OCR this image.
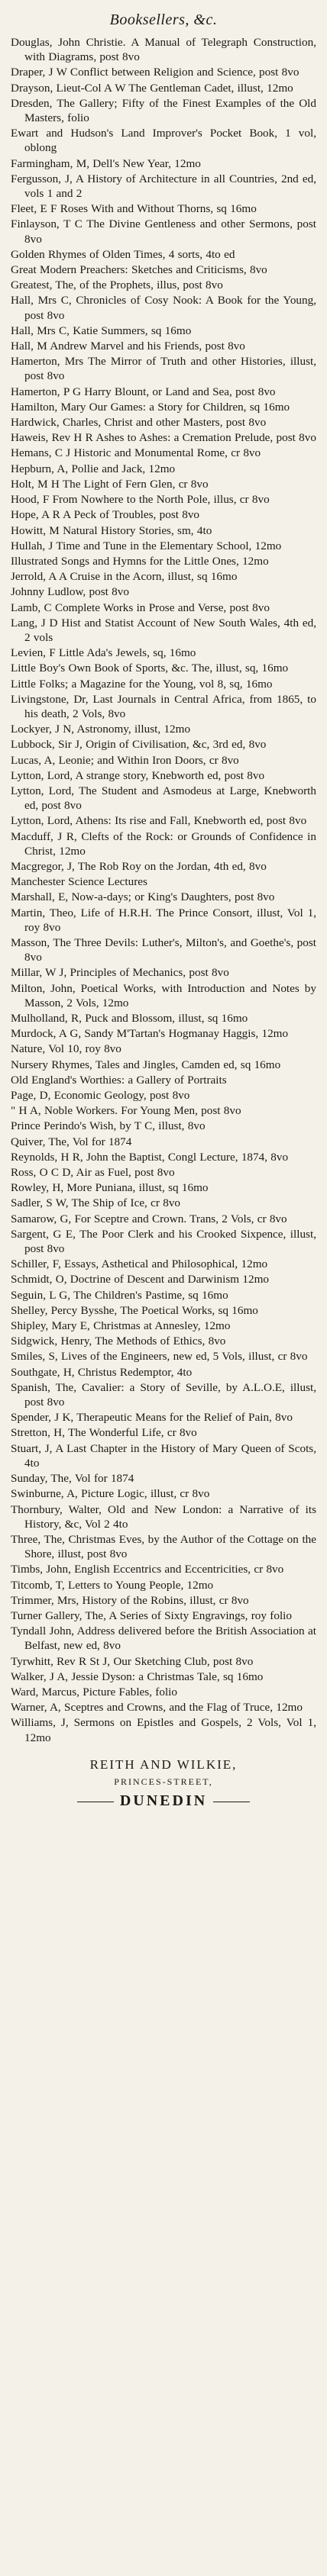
Booksellers, &c.

Douglas, John Christie. A Manual of Telegraph Construction, with Diagrams, post 8vo

Draper, J W Conflict between Religion and Science, post 8vo

Drayson, Lieut-Col A W The Gentleman Cadet, illust, 12mo

Dresden, The Gallery; Fifty of the Finest Examples of the Old Masters, folio

Ewart and Hudson's Land Improver's Pocket Book, 1 vol, oblong

Farmingham, M, Dell's New Year, 12mo

Fergusson, J, A History of Architecture in all Countries, 2nd ed, vols 1 and 2

Fleet, E F Roses With and Without Thorns, sq 16mo

Finlayson, T C The Divine Gentleness and other Sermons, post 8vo

Golden Rhymes of Olden Times, 4 sorts, 4to ed

Great Modern Preachers: Sketches and Criticisms, 8vo

Greatest, The, of the Prophets, illus, post 8vo

Hall, Mrs C, Chronicles of Cosy Nook: A Book for the Young, post 8vo

Hall, Mrs C, Katie Summers, sq 16mo

Hall, M Andrew Marvel and his Friends, post 8vo

Hamerton, Mrs The Mirror of Truth and other Histories, illust, post 8vo

Hamerton, P G Harry Blount, or Land and Sea, post 8vo

Hamilton, Mary Our Games: a Story for Children, sq 16mo

Hardwick, Charles, Christ and other Masters, post 8vo

Haweis, Rev H R Ashes to Ashes: a Cremation Prelude, post 8vo

Hemans, C J Historic and Monumental Rome, cr 8vo

Hepburn, A, Pollie and Jack, 12mo

Holt, M H The Light of Fern Glen, cr 8vo

Hood, F From Nowhere to the North Pole, illus, cr 8vo

Hope, A R A Peck of Troubles, post 8vo

Howitt, M Natural History Stories, sm, 4to

Hullah, J Time and Tune in the Elementary School, 12mo

Illustrated Songs and Hymns for the Little Ones, 12mo

Jerrold, A A Cruise in the Acorn, illust, sq 16mo

Johnny Ludlow, post 8vo

Lamb, C Complete Works in Prose and Verse, post 8vo

Lang, J D Hist and Statist Account of New South Wales, 4th ed, 2 vols

Levien, F Little Ada's Jewels, sq, 16mo

Little Boy's Own Book of Sports, &c. The, illust, sq, 16mo

Little Folks; a Magazine for the Young, vol 8, sq, 16mo

Livingstone, Dr, Last Journals in Central Africa, from 1865, to his death, 2 Vols, 8vo

Lockyer, J N, Astronomy, illust, 12mo

Lubbock, Sir J, Origin of Civilisation, &c, 3rd ed, 8vo

Lucas, A, Leonie; and Within Iron Doors, cr 8vo

Lytton, Lord, A strange story, Knebworth ed, post 8vo

Lytton, Lord, The Student and Asmodeus at Large, Knebworth ed, post 8vo

Lytton, Lord, Athens: Its rise and Fall, Knebworth ed, post 8vo

Macduff, J R, Clefts of the Rock: or Grounds of Confidence in Christ, 12mo

Macgregor, J, The Rob Roy on the Jordan, 4th ed, 8vo

Manchester Science Lectures

Marshall, E, Now-a-days; or King's Daughters, post 8vo

Martin, Theo, Life of H.R.H. The Prince Consort, illust, Vol 1, roy 8vo

Masson, The Three Devils: Luther's, Milton's, and Goethe's, post 8vo

Millar, W J, Principles of Mechanics, post 8vo

Milton, John, Poetical Works, with Introduction and Notes by Masson, 2 Vols, 12mo

Mulholland, R, Puck and Blossom, illust, sq 16mo

Murdock, A G, Sandy M'Tartan's Hogmanay Haggis, 12mo

Nature, Vol 10, roy 8vo

Nursery Rhymes, Tales and Jingles, Camden ed, sq 16mo

Old England's Worthies: a Gallery of Portraits

Page, D, Economic Geology, post 8vo

" H A, Noble Workers. For Young Men, post 8vo

Prince Perindo's Wish, by T C, illust, 8vo

Quiver, The, Vol for 1874

Reynolds, H R, John the Baptist, Congl Lecture, 1874, 8vo

Ross, O C D, Air as Fuel, post 8vo

Rowley, H, More Puniana, illust, sq 16mo

Sadler, S W, The Ship of Ice, cr 8vo

Samarow, G, For Sceptre and Crown. Trans, 2 Vols, cr 8vo

Sargent, G E, The Poor Clerk and his Crooked Sixpence, illust, post 8vo

Schiller, F, Essays, Asthetical and Philosophical, 12mo

Schmidt, O, Doctrine of Descent and Darwinism 12mo

Seguin, L G, The Children's Pastime, sq 16mo

Shelley, Percy Bysshe, The Poetical Works, sq 16mo

Shipley, Mary E, Christmas at Annesley, 12mo

Sidgwick, Henry, The Methods of Ethics, 8vo

Smiles, S, Lives of the Engineers, new ed, 5 Vols, illust, cr 8vo

Southgate, H, Christus Redemptor, 4to

Spanish, The, Cavalier: a Story of Seville, by A.L.O.E, illust, post 8vo

Spender, J K, Therapeutic Means for the Relief of Pain, 8vo

Stretton, H, The Wonderful Life, cr 8vo

Stuart, J, A Last Chapter in the History of Mary Queen of Scots, 4to

Sunday, The, Vol for 1874

Swinburne, A, Picture Logic, illust, cr 8vo

Thornbury, Walter, Old and New London: a Narrative of its History, &c, Vol 2 4to

Three, The, Christmas Eves, by the Author of the Cottage on the Shore, illust, post 8vo

Timbs, John, English Eccentrics and Eccentricities, cr 8vo

Titcomb, T, Letters to Young People, 12mo

Trimmer, Mrs, History of the Robins, illust, cr 8vo

Turner Gallery, The, A Series of Sixty Engravings, roy folio

Tyndall John, Address delivered before the British Association at Belfast, new ed, 8vo

Tyrwhitt, Rev R St J, Our Sketching Club, post 8vo

Walker, J A, Jessie Dyson: a Christmas Tale, sq 16mo

Ward, Marcus, Picture Fables, folio

Warner, A, Sceptres and Crowns, and the Flag of Truce, 12mo

Williams, J, Sermons on Epistles and Gospels, 2 Vols, Vol 1, 12mo

REITH AND WILKIE,
PRINCES-STREET,
DUNEDIN
